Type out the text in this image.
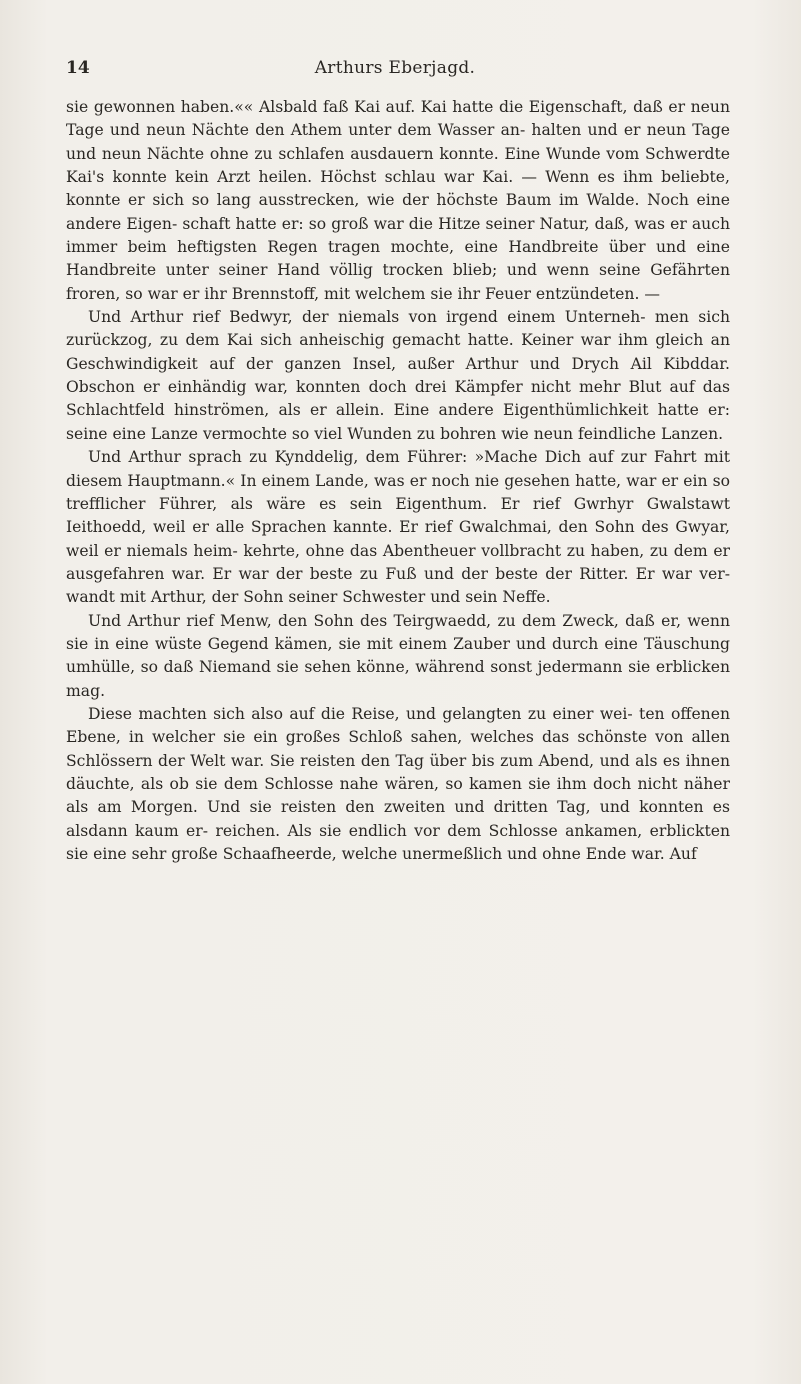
14	Arthurs Eberjagd.

sie gewonnen haben.«« Alsbald faß Kai auf. Kai hatte die Eigenschaft, daß er neun Tage und neun Nächte den Athem unter dem Wasser an- halten und er neun Tage und neun Nächte ohne zu schlafen ausdauern konnte. Eine Wunde vom Schwerdte Kai's konnte kein Arzt heilen. Höchst schlau war Kai. — Wenn es ihm beliebte, konnte er sich so lang ausstrecken, wie der höchste Baum im Walde. Noch eine andere Eigen- schaft hatte er: so groß war die Hitze seiner Natur, daß, was er auch immer beim heftigsten Regen tragen mochte, eine Handbreite über und eine Handbreite unter seiner Hand völlig trocken blieb; und wenn seine Gefährten froren, so war er ihr Brennstoff, mit welchem sie ihr Feuer entzündeten. —

Und Arthur rief Bedwyr, der niemals von irgend einem Unterneh- men sich zurückzog, zu dem Kai sich anheischig gemacht hatte. Keiner war ihm gleich an Geschwindigkeit auf der ganzen Insel, außer Arthur und Drych Ail Kibddar. Obschon er einhändig war, konnten doch drei Kämpfer nicht mehr Blut auf das Schlachtfeld hinströmen, als er allein. Eine andere Eigenthümlichkeit hatte er: seine eine Lanze vermochte so viel Wunden zu bohren wie neun feindliche Lanzen.

Und Arthur sprach zu Kynddelig, dem Führer: »Mache Dich auf zur Fahrt mit diesem Hauptmann.« In einem Lande, was er noch nie gesehen hatte, war er ein so trefflicher Führer, als wäre es sein Eigenthum. Er rief Gwrhyr Gwalstawt Ieithoedd, weil er alle Sprachen kannte. Er rief Gwalchmai, den Sohn des Gwyar, weil er niemals heim- kehrte, ohne das Abentheuer vollbracht zu haben, zu dem er ausgefahren war. Er war der beste zu Fuß und der beste der Ritter. Er war ver- wandt mit Arthur, der Sohn seiner Schwester und sein Neffe.

Und Arthur rief Menw, den Sohn des Teirgwaedd, zu dem Zweck, daß er, wenn sie in eine wüste Gegend kämen, sie mit einem Zauber und durch eine Täuschung umhülle, so daß Niemand sie sehen könne, während sonst jedermann sie erblicken mag.

Diese machten sich also auf die Reise, und gelangten zu einer wei- ten offenen Ebene, in welcher sie ein großes Schloß sahen, welches das schönste von allen Schlössern der Welt war. Sie reisten den Tag über bis zum Abend, und als es ihnen däuchte, als ob sie dem Schlosse nahe wären, so kamen sie ihm doch nicht näher als am Morgen. Und sie reisten den zweiten und dritten Tag, und konnten es alsdann kaum er- reichen. Als sie endlich vor dem Schlosse ankamen, erblickten sie eine sehr große Schaafheerde, welche unermeßlich und ohne Ende war. Auf
